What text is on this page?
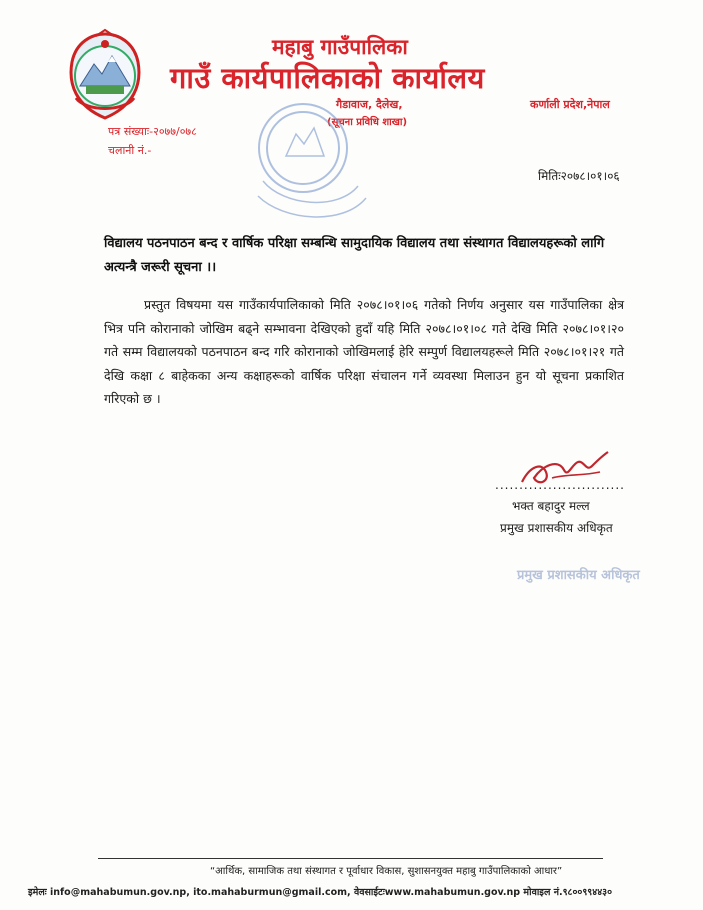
महाबु गाउँपालिका
गाउँ कार्यपालिकाको कार्यालय
गैडावाज, दैलेख,	कर्णाली प्रदेश,नेपाल
(सूचना प्रविधि शाखा)
पत्र संख्याः-२०७७/०७८
चलानी नं.-
मितिः२०७८।०१।०६
विद्यालय पठनपाठन बन्द र वार्षिक परिक्षा सम्बन्धि सामुदायिक विद्यालय तथा संस्थागत विद्यालयहरूको लागि अत्यन्त्रै जरूरी सूचना ।।

प्रस्तुत विषयमा यस गाउँकार्यपालिकाको मिति २०७८।०१।०६ गतेको निर्णय अनुसार यस गाउँपालिका क्षेत्र भित्र पनि कोरानाको जोखिम बढ्ने सम्भावना देखिएको हुदाँ यहि मिति २०७८।०१।०८ गते देखि मिति २०७८।०१।२० गते सम्म विद्यालयको पठनपाठन बन्द गरि कोरानाको जोखिमलाई हेरि सम्पुर्ण विद्यालयहरूले मिति २०७८।०१।२१ गते देखि कक्षा ८ बाहेकका अन्य कक्षाहरूको वार्षिक परिक्षा संचालन गर्ने व्यवस्था मिलाउन हुन यो सूचना प्रकाशित गरिएको छ ।

...........................
भक्त बहादुर मल्ल
प्रमुख प्रशासकीय अधिकृत
प्रमुख प्रशासकीय अधिकृत
“आर्थिक, सामाजिक तथा संस्थागत र पूर्वाधार विकास, सुशासनयुक्त महाबु गाउँपालिकाको आधार”
इमेलः info@mahabumun.gov.np, ito.mahaburmun@gmail.com, वेवसाईटःwww.mahabumun.gov.np मोवाइल नं.९८००९९४४३०
